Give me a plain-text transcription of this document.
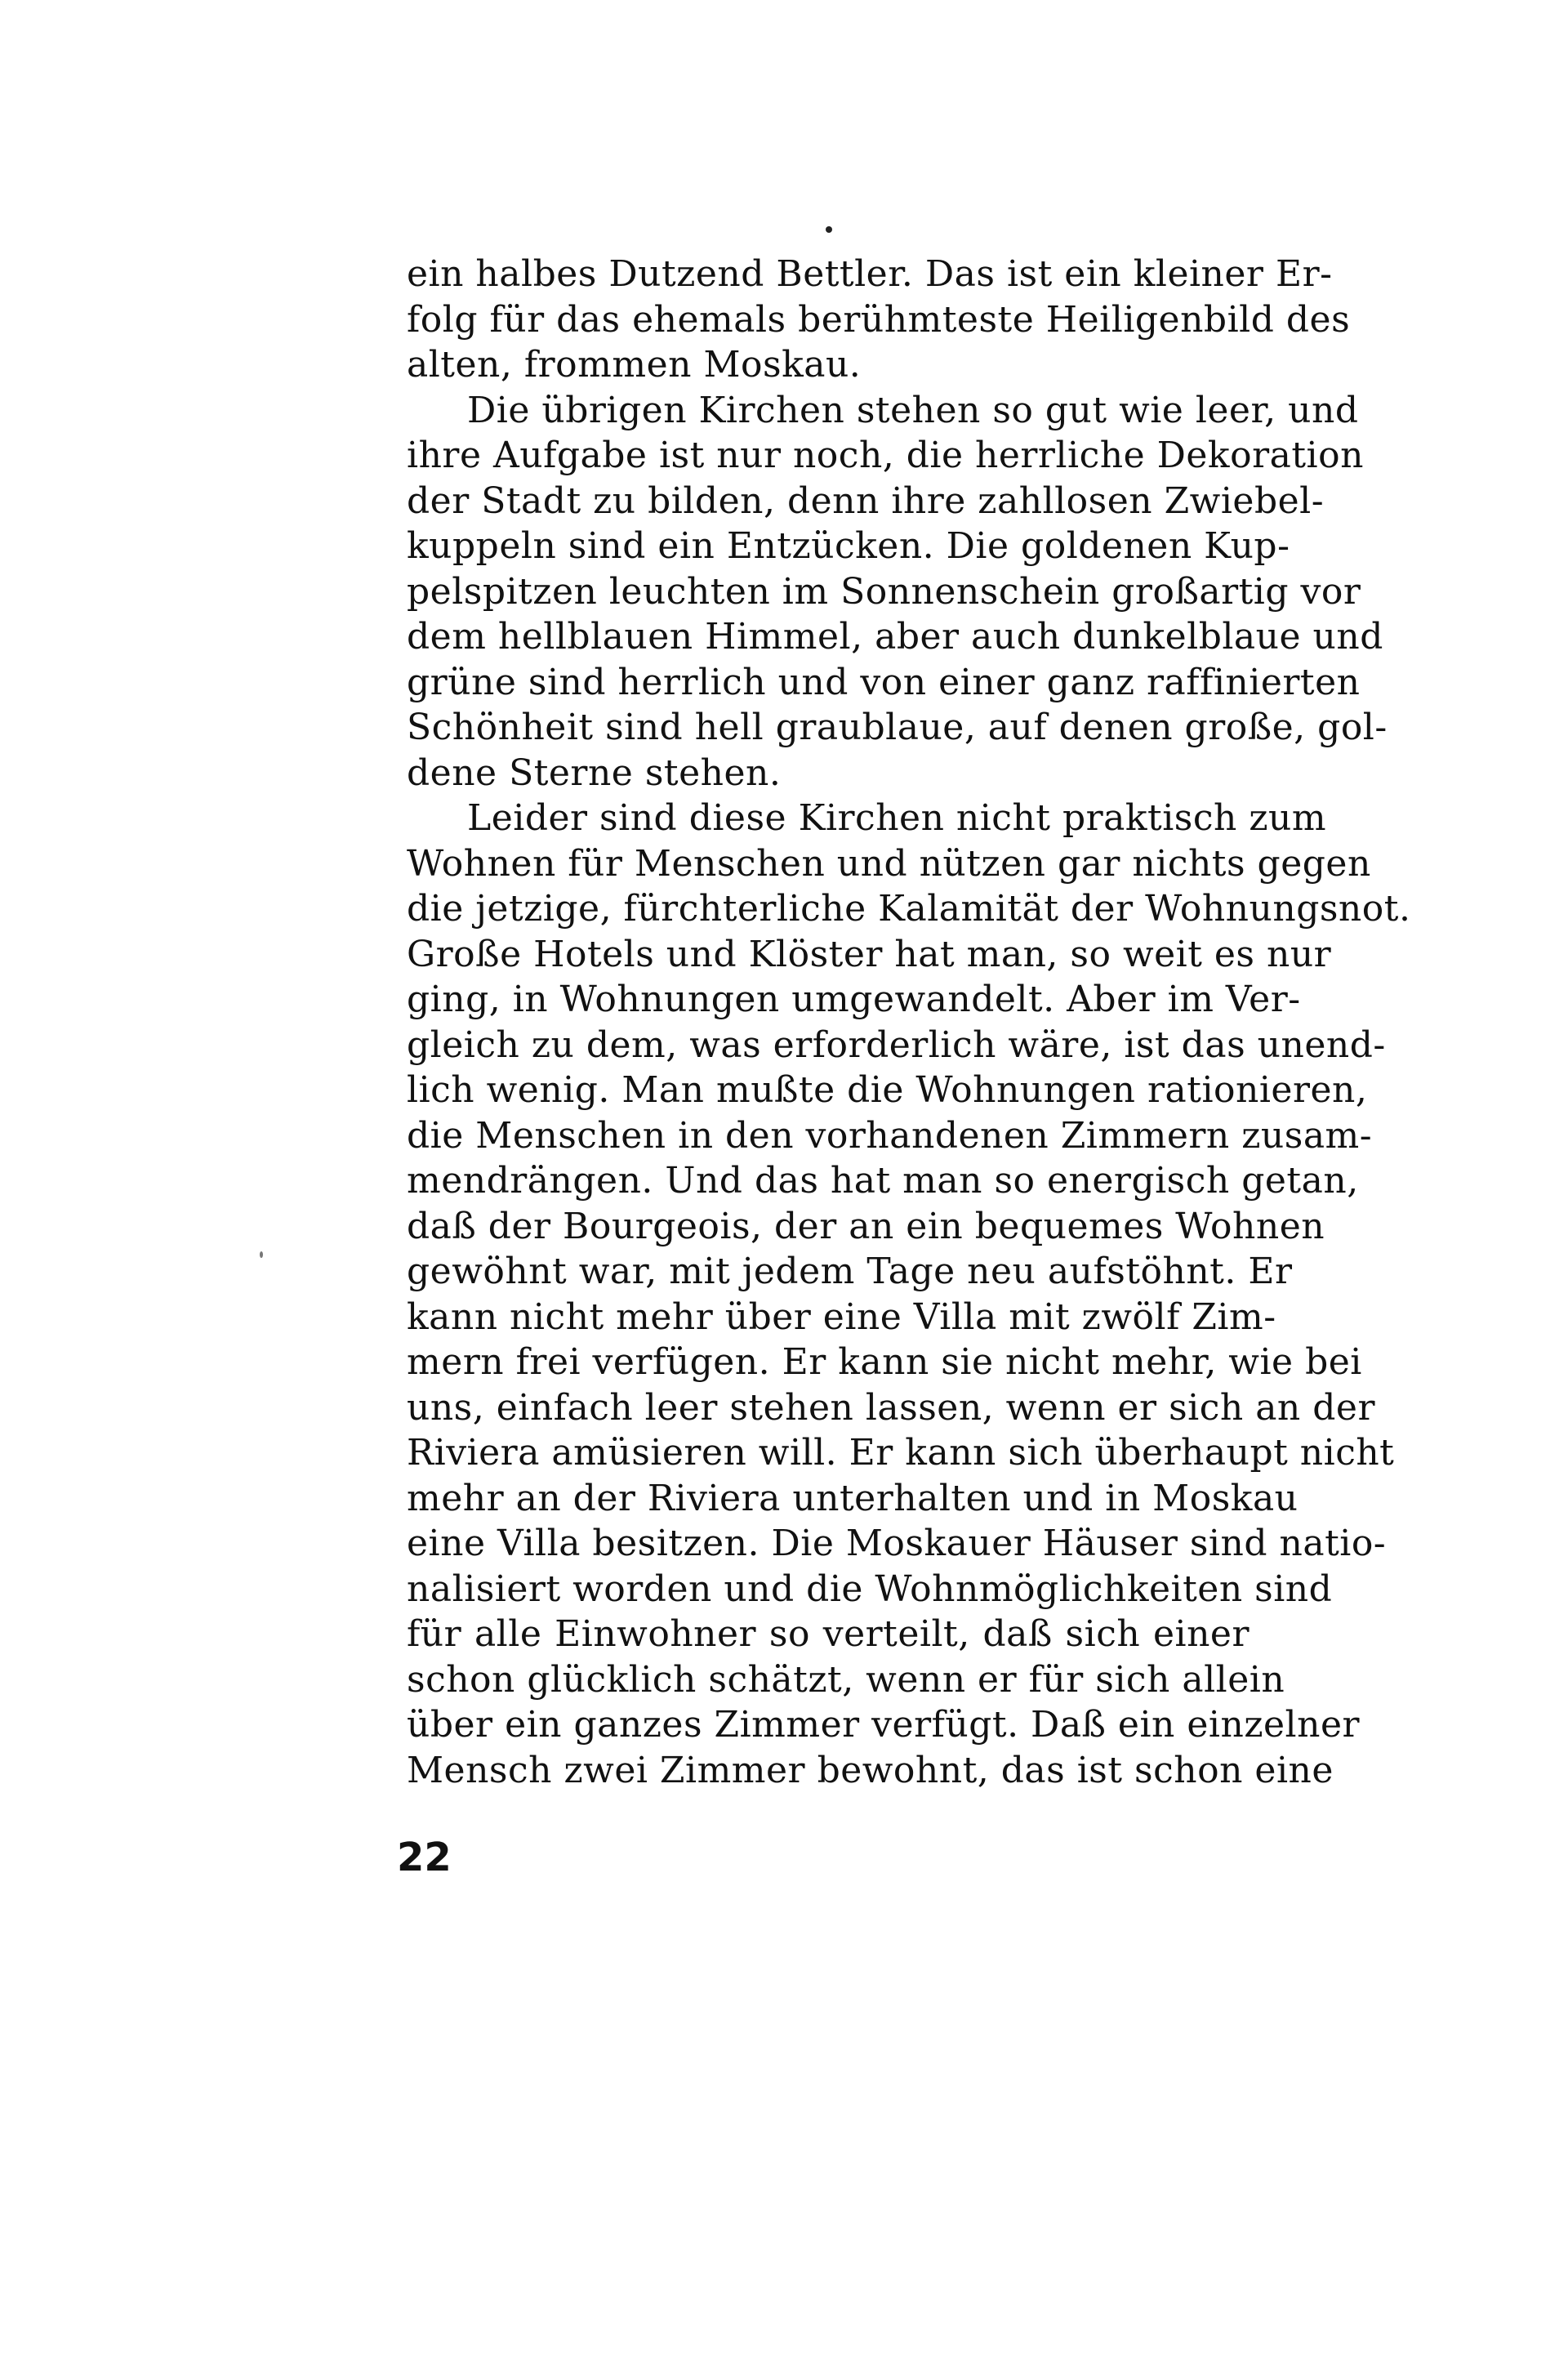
ein halbes Dutzend Bettler. Das ist ein kleiner Er-
folg für das ehemals berühmteste Heiligenbild des
alten, frommen Moskau.
Die übrigen Kirchen stehen so gut wie leer, und
ihre Aufgabe ist nur noch, die herrliche Dekoration
der Stadt zu bilden, denn ihre zahllosen Zwiebel-
kuppeln sind ein Entzücken. Die goldenen Kup-
pelspitzen leuchten im Sonnenschein großartig vor
dem hellblauen Himmel, aber auch dunkelblaue und
grüne sind herrlich und von einer ganz raffinierten
Schönheit sind hell graublaue, auf denen große, gol-
dene Sterne stehen.
Leider sind diese Kirchen nicht praktisch zum
Wohnen für Menschen und nützen gar nichts gegen
die jetzige, fürchterliche Kalamität der Wohnungsnot.
Große Hotels und Klöster hat man, so weit es nur
ging, in Wohnungen umgewandelt. Aber im Ver-
gleich zu dem, was erforderlich wäre, ist das unend-
lich wenig. Man mußte die Wohnungen rationieren,
die Menschen in den vorhandenen Zimmern zusam-
mendrängen. Und das hat man so energisch getan,
daß der Bourgeois, der an ein bequemes Wohnen
gewöhnt war, mit jedem Tage neu aufstöhnt. Er
kann nicht mehr über eine Villa mit zwölf Zim-
mern frei verfügen. Er kann sie nicht mehr, wie bei
uns, einfach leer stehen lassen, wenn er sich an der
Riviera amüsieren will. Er kann sich überhaupt nicht
mehr an der Riviera unterhalten und in Moskau
eine Villa besitzen. Die Moskauer Häuser sind natio-
nalisiert worden und die Wohnmöglichkeiten sind
für alle Einwohner so verteilt, daß sich einer
schon glücklich schätzt, wenn er für sich allein
über ein ganzes Zimmer verfügt. Daß ein einzelner
Mensch zwei Zimmer bewohnt, das ist schon eine
22
